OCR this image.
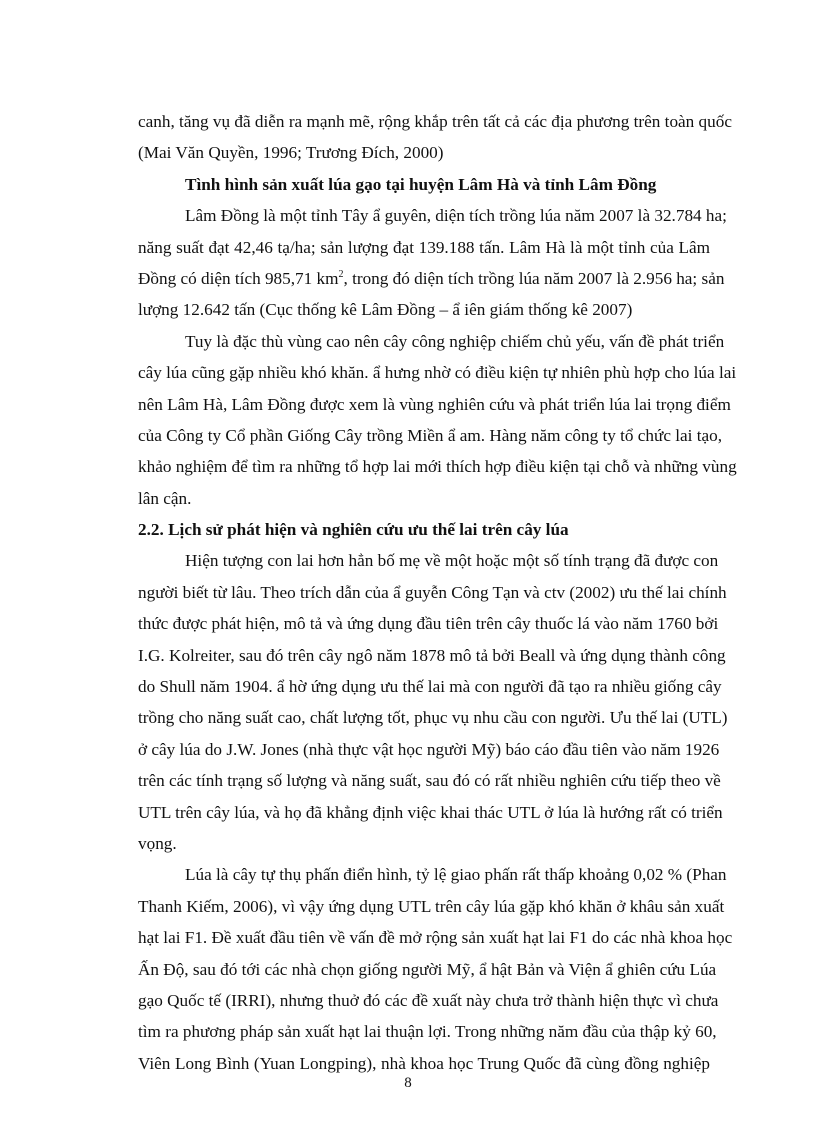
canh, tăng vụ đã diễn ra mạnh mẽ, rộng khắp trên tất cả các địa phương trên toàn quốc
(Mai Văn Quyền, 1996; Trương Đích, 2000)
Tình hình sản xuất lúa gạo tại huyện Lâm Hà và tỉnh Lâm Đồng
Lâm Đồng là một tỉnh Tây ẩ guyên, diện tích trồng lúa năm 2007 là 32.784 ha;
năng suất đạt 42,46 tạ/ha; sản lượng đạt 139.188 tấn. Lâm Hà là một tỉnh của Lâm
Đồng có diện tích 985,71 $km^2$, trong đó diện tích trồng lúa năm 2007 là 2.956 ha; sản
lượng 12.642 tấn (Cục thống kê Lâm Đồng – ẩ iên giám thống kê 2007)
Tuy là đặc thù vùng cao nên cây công nghiệp chiếm chủ yếu, vấn đề phát triển
cây lúa cũng gặp nhiều khó khăn. ẩ hưng nhờ có điều kiện tự nhiên phù hợp cho lúa lai
nên Lâm Hà, Lâm Đồng được xem là vùng nghiên cứu và phát triển lúa lai trọng điểm
của Công ty Cổ phần Giống Cây trồng Miền ẩ am. Hàng năm công ty tổ chức lai tạo,
khảo nghiệm để tìm ra những tổ hợp lai mới thích hợp điều kiện tại chỗ và những vùng
lân cận.
2.2. Lịch sử phát hiện và nghiên cứu ưu thế lai trên cây lúa
Hiện tượng con lai hơn hẳn bố mẹ về một hoặc một số tính trạng đã được con
người biết từ lâu. Theo trích dẫn của ẩ guyễn Công Tạn và ctv (2002) ưu thế lai chính
thức được phát hiện, mô tả và ứng dụng đầu tiên trên cây thuốc lá vào năm 1760 bởi
I.G. Kolreiter, sau đó trên cây ngô năm 1878 mô tả bởi Beall và ứng dụng thành công
do Shull năm 1904. ẩ hờ ứng dụng ưu thế lai mà con người đã tạo ra nhiều giống cây
trồng cho năng suất cao, chất lượng tốt, phục vụ nhu cầu con người. Ưu thế lai (UTL)
ở cây lúa do J.W. Jones (nhà thực vật học người Mỹ) báo cáo đầu tiên vào năm 1926
trên các tính trạng số lượng và năng suất, sau đó có rất nhiều nghiên cứu tiếp theo về
UTL trên cây lúa, và họ đã khẳng định việc khai thác UTL ở lúa là hướng rất có triển
vọng.
Lúa là cây tự thụ phấn điển hình, tỷ lệ giao phấn rất thấp khoảng 0,02 % (Phan
Thanh Kiếm, 2006), vì vậy ứng dụng UTL trên cây lúa gặp khó khăn ở khâu sản xuất
hạt lai F1. Đề xuất đầu tiên về vấn đề mở rộng sản xuất hạt lai F1 do các nhà khoa học
Ấn Độ, sau đó tới các nhà chọn giống người Mỹ, ẩ hật Bản và Viện ẩ ghiên cứu Lúa
gạo Quốc tế (IRRI), nhưng thuở đó các đề xuất này chưa trở thành hiện thực vì chưa
tìm ra phương pháp sản xuất hạt lai thuận lợi. Trong những năm đầu của thập kỷ 60,
Viên Long Bình (Yuan Longping), nhà khoa học Trung Quốc đã cùng đồng nghiệp
8
